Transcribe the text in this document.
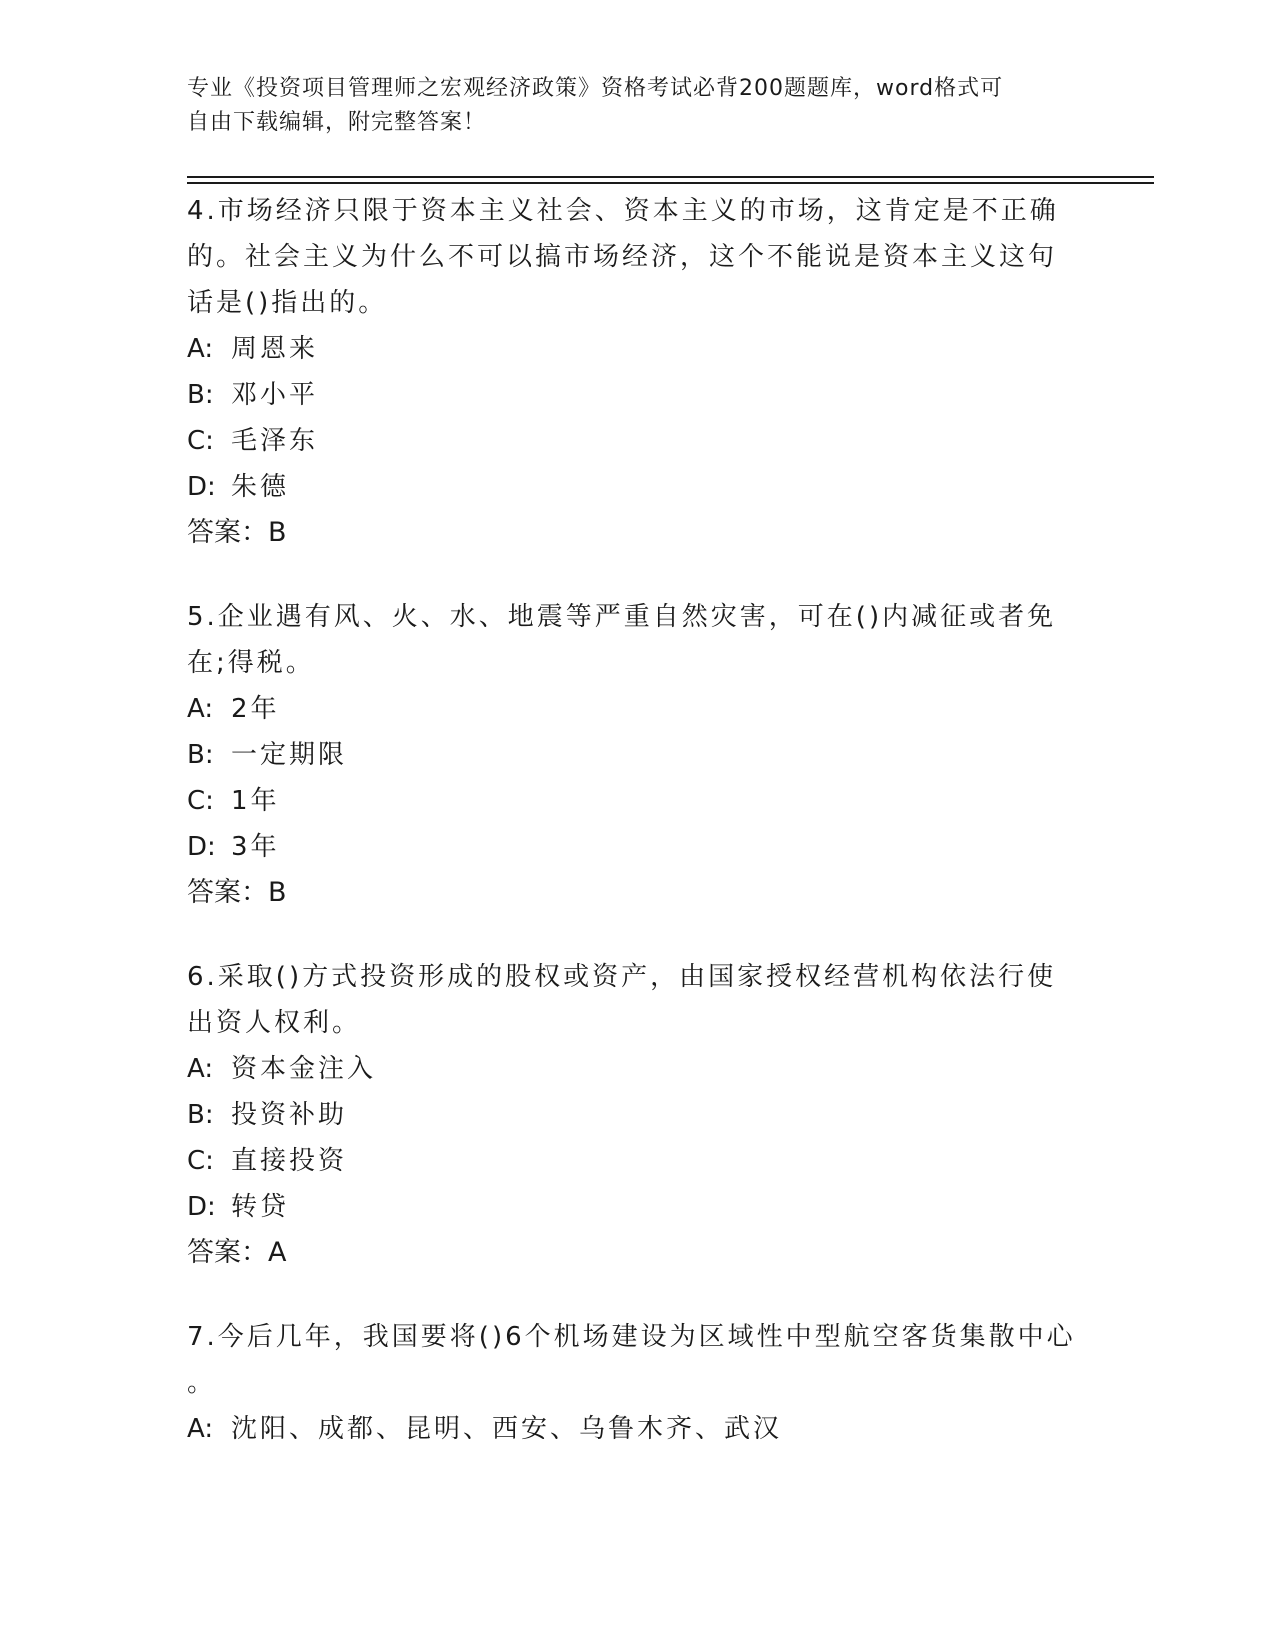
专业《投资项目管理师之宏观经济政策》资格考试必背200题题库，word格式可
自由下载编辑，附完整答案！

4.市场经济只限于资本主义社会、资本主义的市场，这肯定是不正确
的。社会主义为什么不可以搞市场经济，这个不能说是资本主义这句
话是()指出的。

A: 周恩来
B: 邓小平
C: 毛泽东
D: 朱德

答案：B

5.企业遇有风、火、水、地震等严重自然灾害，可在()内减征或者免
在;得税。

A: 2年
B: 一定期限
C: 1年
D: 3年

答案：B

6.采取()方式投资形成的股权或资产，由国家授权经营机构依法行使
出资人权利。

A: 资本金注入
B: 投资补助
C: 直接投资
D: 转贷

答案：A

7.今后几年，我国要将()6个机场建设为区域性中型航空客货集散中心
。

A: 沈阳、成都、昆明、西安、乌鲁木齐、武汉
